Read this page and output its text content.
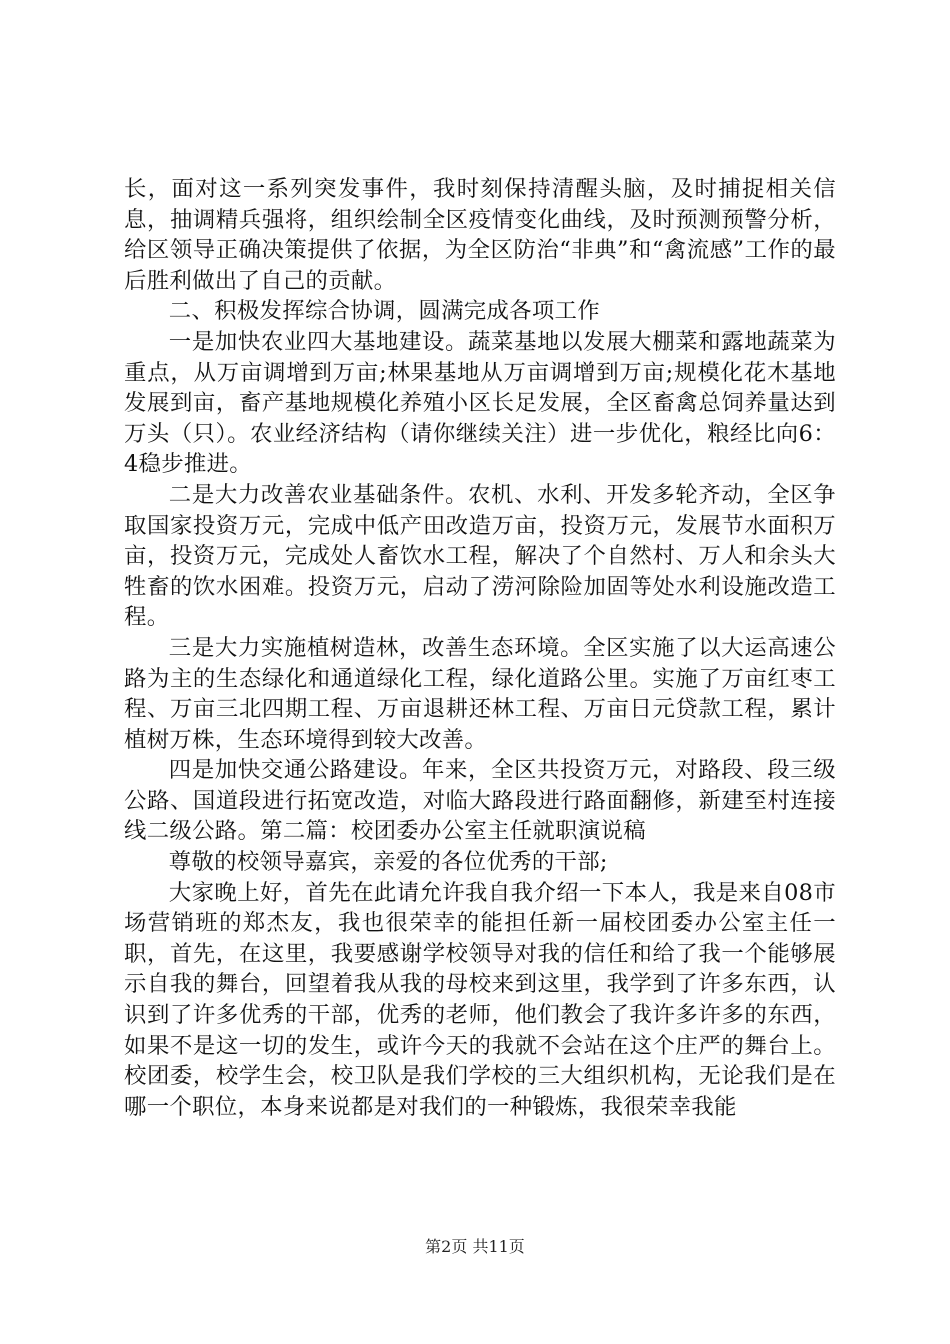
长，面对这一系列突发事件，我时刻保持清醒头脑，及时捕捉相关信息，抽调精兵强将，组织绘制全区疫情变化曲线，及时预测预警分析，给区领导正确决策提供了依据，为全区防治“非典”和“禽流感”工作的最后胜利做出了自己的贡献。

二、积极发挥综合协调，圆满完成各项工作

一是加快农业四大基地建设。蔬菜基地以发展大棚菜和露地蔬菜为重点，从万亩调增到万亩;林果基地从万亩调增到万亩;规模化花木基地发展到亩，畜产基地规模化养殖小区长足发展，全区畜禽总饲养量达到万头（只）。农业经济结构（请你继续关注）进一步优化，粮经比向6：4稳步推进。

二是大力改善农业基础条件。农机、水利、开发多轮齐动，全区争取国家投资万元，完成中低产田改造万亩，投资万元，发展节水面积万亩，投资万元，完成处人畜饮水工程，解决了个自然村、万人和余头大牲畜的饮水困难。投资万元，启动了涝河除险加固等处水利设施改造工程。

三是大力实施植树造林，改善生态环境。全区实施了以大运高速公路为主的生态绿化和通道绿化工程，绿化道路公里。实施了万亩红枣工程、万亩三北四期工程、万亩退耕还林工程、万亩日元贷款工程，累计植树万株，生态环境得到较大改善。

四是加快交通公路建设。年来，全区共投资万元，对路段、段三级公路、国道段进行拓宽改造，对临大路段进行路面翻修，新建至村连接线二级公路。第二篇：校团委办公室主任就职演说稿

尊敬的校领导嘉宾，亲爱的各位优秀的干部;

大家晚上好，首先在此请允许我自我介绍一下本人，我是来自08市场营销班的郑杰友，我也很荣幸的能担任新一届校团委办公室主任一职，首先，在这里，我要感谢学校领导对我的信任和给了我一个能够展示自我的舞台，回望着我从我的母校来到这里，我学到了许多东西，认识到了许多优秀的干部，优秀的老师，他们教会了我许多许多的东西，如果不是这一切的发生，或许今天的我就不会站在这个庄严的舞台上。校团委，校学生会，校卫队是我们学校的三大组织机构，无论我们是在哪一个职位，本身来说都是对我们的一种锻炼，我很荣幸我能

第2页 共11页
